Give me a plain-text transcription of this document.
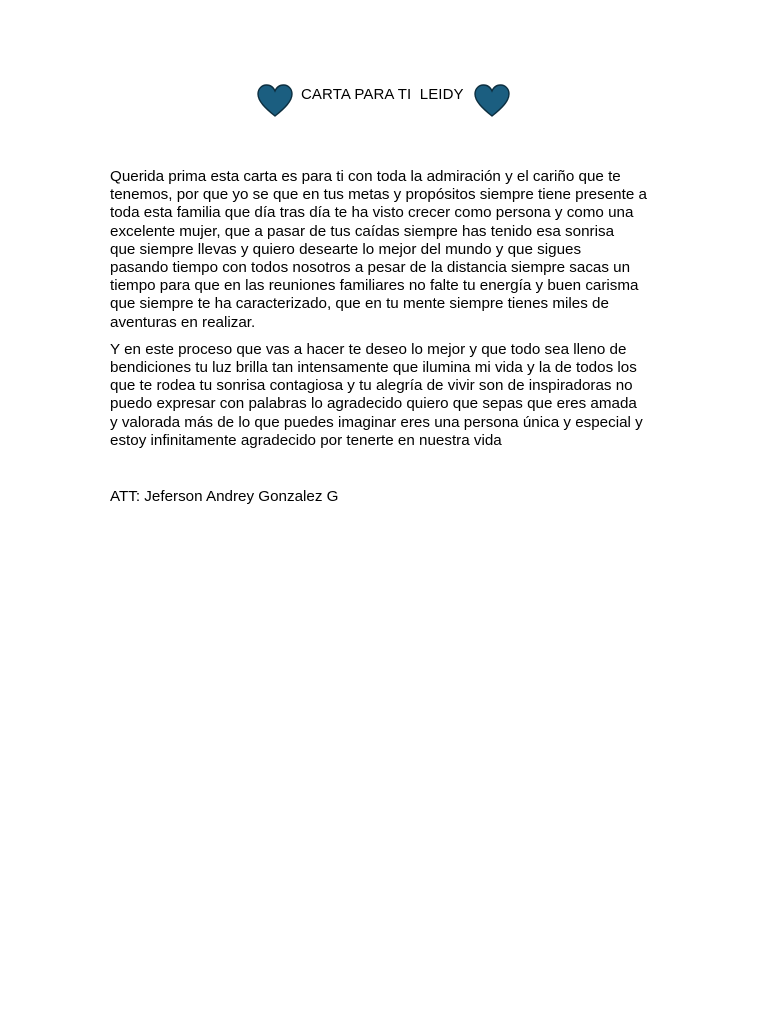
CARTA PARA TI  LEIDY

Querida prima esta carta es para ti con toda la admiración y el cariño que te
tenemos, por que yo se que en tus metas y propósitos siempre tiene presente a
toda esta familia que día tras día te ha visto crecer como persona y como una
excelente mujer, que a pasar de tus caídas siempre has tenido esa sonrisa
que siempre llevas y quiero desearte lo mejor del mundo y que sigues
pasando tiempo con todos nosotros a pesar de la distancia siempre sacas un
tiempo para que en las reuniones familiares no falte tu energía y buen carisma
que siempre te ha caracterizado, que en tu mente siempre tienes miles de
aventuras en realizar.

Y en este proceso que vas a hacer te deseo lo mejor y que todo sea lleno de
bendiciones tu luz brilla tan intensamente que ilumina mi vida y la de todos los
que te rodea tu sonrisa contagiosa y tu alegría de vivir son de inspiradoras no
puedo expresar con palabras lo agradecido quiero que sepas que eres amada
y valorada más de lo que puedes imaginar eres una persona única y especial y
estoy infinitamente agradecido por tenerte en nuestra vida

ATT: Jeferson Andrey Gonzalez G
